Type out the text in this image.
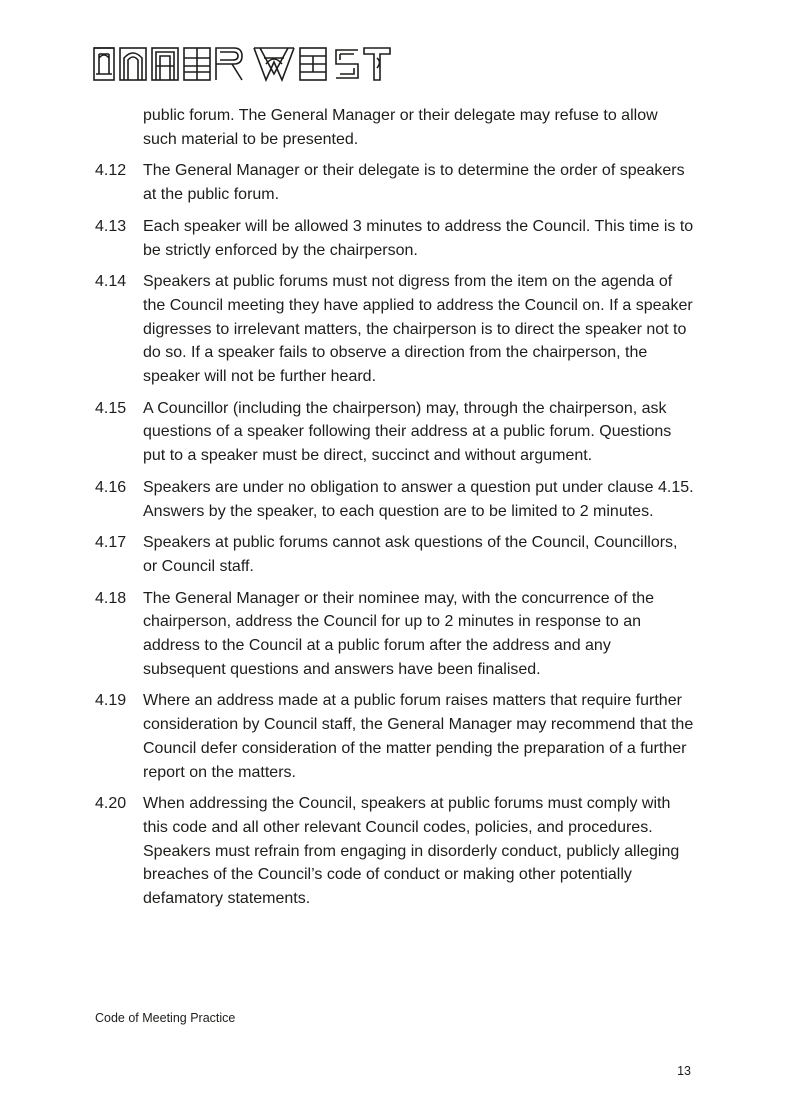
public forum. The General Manager or their delegate may refuse to allow such material to be presented.
4.12	The General Manager or their delegate is to determine the order of speakers at the public forum.
4.13	Each speaker will be allowed 3 minutes to address the Council. This time is to be strictly enforced by the chairperson.
4.14	Speakers at public forums must not digress from the item on the agenda of the Council meeting they have applied to address the Council on. If a speaker digresses to irrelevant matters, the chairperson is to direct the speaker not to do so. If a speaker fails to observe a direction from the chairperson, the speaker will not be further heard.
4.15	A Councillor (including the chairperson) may, through the chairperson, ask questions of a speaker following their address at a public forum. Questions put to a speaker must be direct, succinct and without argument.
4.16	Speakers are under no obligation to answer a question put under clause 4.15. Answers by the speaker, to each question are to be limited to 2 minutes.
4.17	Speakers at public forums cannot ask questions of the Council, Councillors, or Council staff.
4.18	The General Manager or their nominee may, with the concurrence of the chairperson, address the Council for up to 2 minutes in response to an address to the Council at a public forum after the address and any subsequent questions and answers have been finalised.
4.19	Where an address made at a public forum raises matters that require further consideration by Council staff, the General Manager may recommend that the Council defer consideration of the matter pending the preparation of a further report on the matters.
4.20	When addressing the Council, speakers at public forums must comply with this code and all other relevant Council codes, policies, and procedures. Speakers must refrain from engaging in disorderly conduct, publicly alleging breaches of the Council’s code of conduct or making other potentially defamatory statements.
Code of Meeting Practice
13
